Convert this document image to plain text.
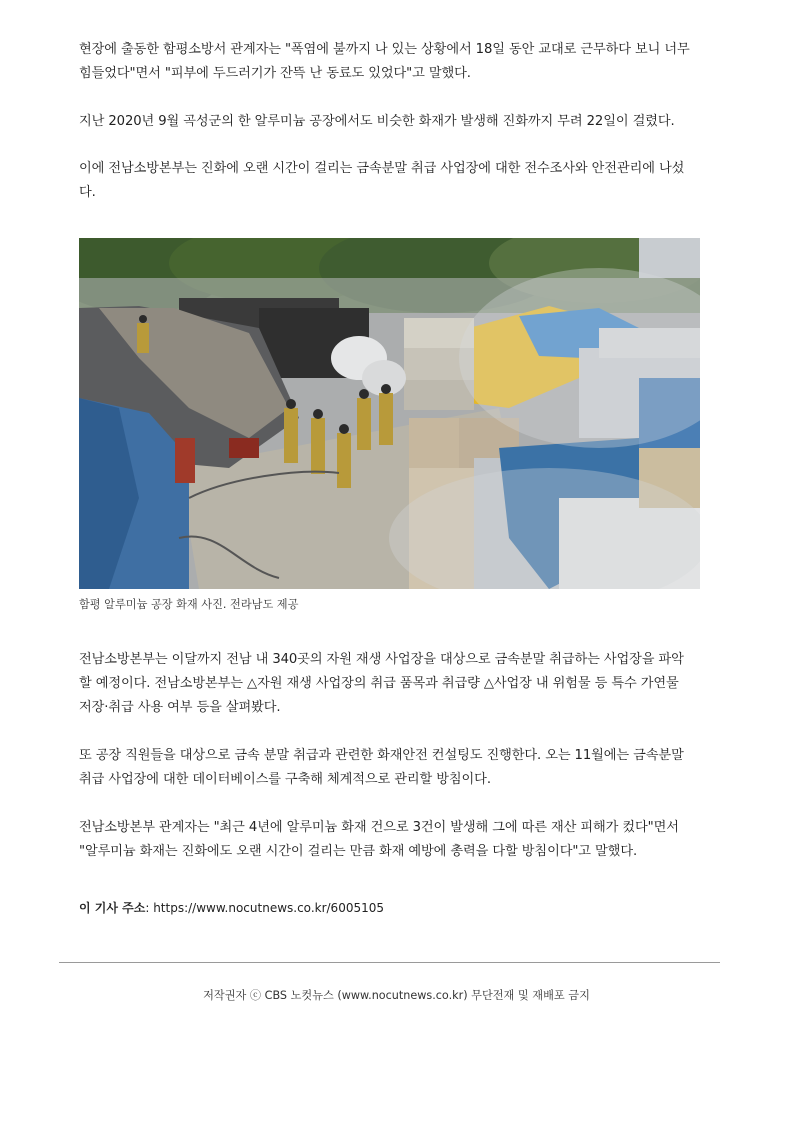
현장에 출동한 함평소방서 관계자는 "폭염에 불까지 나 있는 상황에서 18일 동안 교대로 근무하다 보니 너무
힘들었다"면서 "피부에 두드러기가 잔뜩 난 동료도 있었다"고 말했다.

지난 2020년 9월 곡성군의 한 알루미늄 공장에서도 비슷한 화재가 발생해 진화까지 무려 22일이 걸렸다.

이에 전남소방본부는 진화에 오랜 시간이 걸리는 금속분말 취급 사업장에 대한 전수조사와 안전관리에 나섰
다.

함평 알루미늄 공장 화재 사진. 전라남도 제공

전남소방본부는 이달까지 전남 내 340곳의 자원 재생 사업장을 대상으로 금속분말 취급하는 사업장을 파악
할 예정이다. 전남소방본부는 △자원 재생 사업장의 취급 품목과 취급량 △사업장 내 위험물 등 특수 가연물
저장·취급 사용 여부 등을 살펴봤다.

또 공장 직원들을 대상으로 금속 분말 취급과 관련한 화재안전 컨설팅도 진행한다. 오는 11월에는 금속분말
취급 사업장에 대한 데이터베이스를 구축해 체계적으로 관리할 방침이다.

전남소방본부 관계자는 "최근 4년에 알루미늄 화재 건으로 3건이 발생해 그에 따른 재산 피해가 컸다"면서
"알루미늄 화재는 진화에도 오랜 시간이 걸리는 만큼 화재 예방에 총력을 다할 방침이다"고 말했다.

이 기사 주소: https://www.nocutnews.co.kr/6005105
저작권자 ⓒ CBS 노컷뉴스 (www.nocutnews.co.kr) 무단전재 및 재배포 금지
